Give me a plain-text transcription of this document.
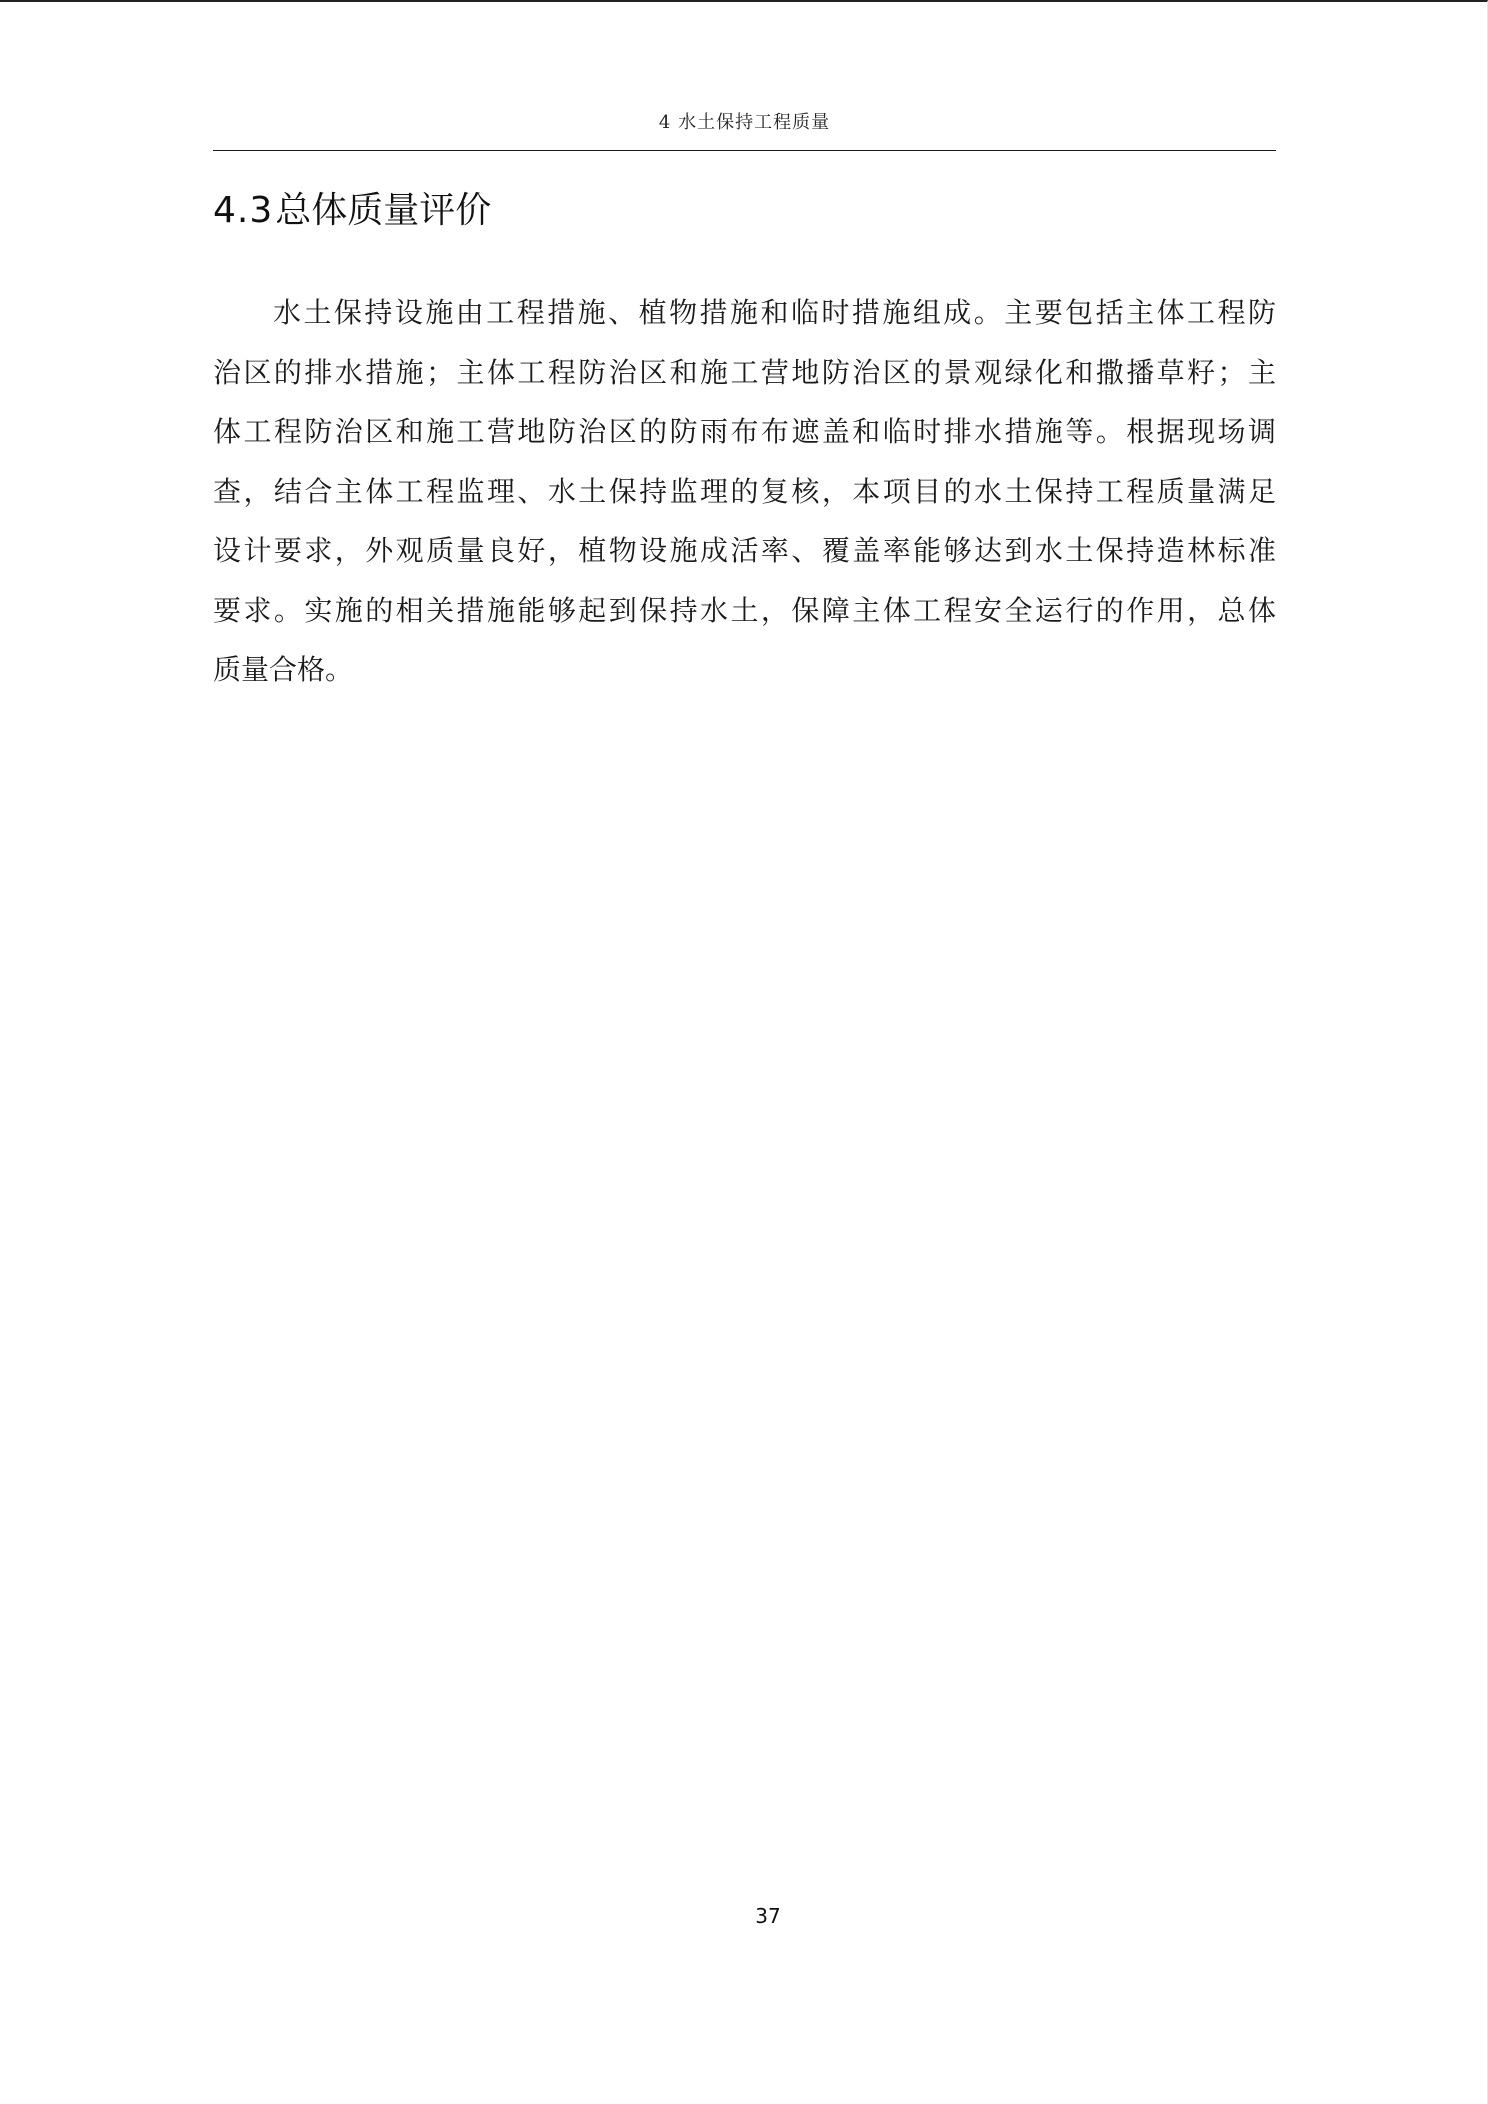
4 水土保持工程质量
4.3总体质量评价

水土保持设施由工程措施、植物措施和临时措施组成。主要包括主体工程防
治区的排水措施；主体工程防治区和施工营地防治区的景观绿化和撒播草籽；主
体工程防治区和施工营地防治区的防雨布布遮盖和临时排水措施等。根据现场调
查，结合主体工程监理、水土保持监理的复核，本项目的水土保持工程质量满足
设计要求，外观质量良好，植物设施成活率、覆盖率能够达到水土保持造林标准
要求。实施的相关措施能够起到保持水土，保障主体工程安全运行的作用，总体
质量合格。

37
